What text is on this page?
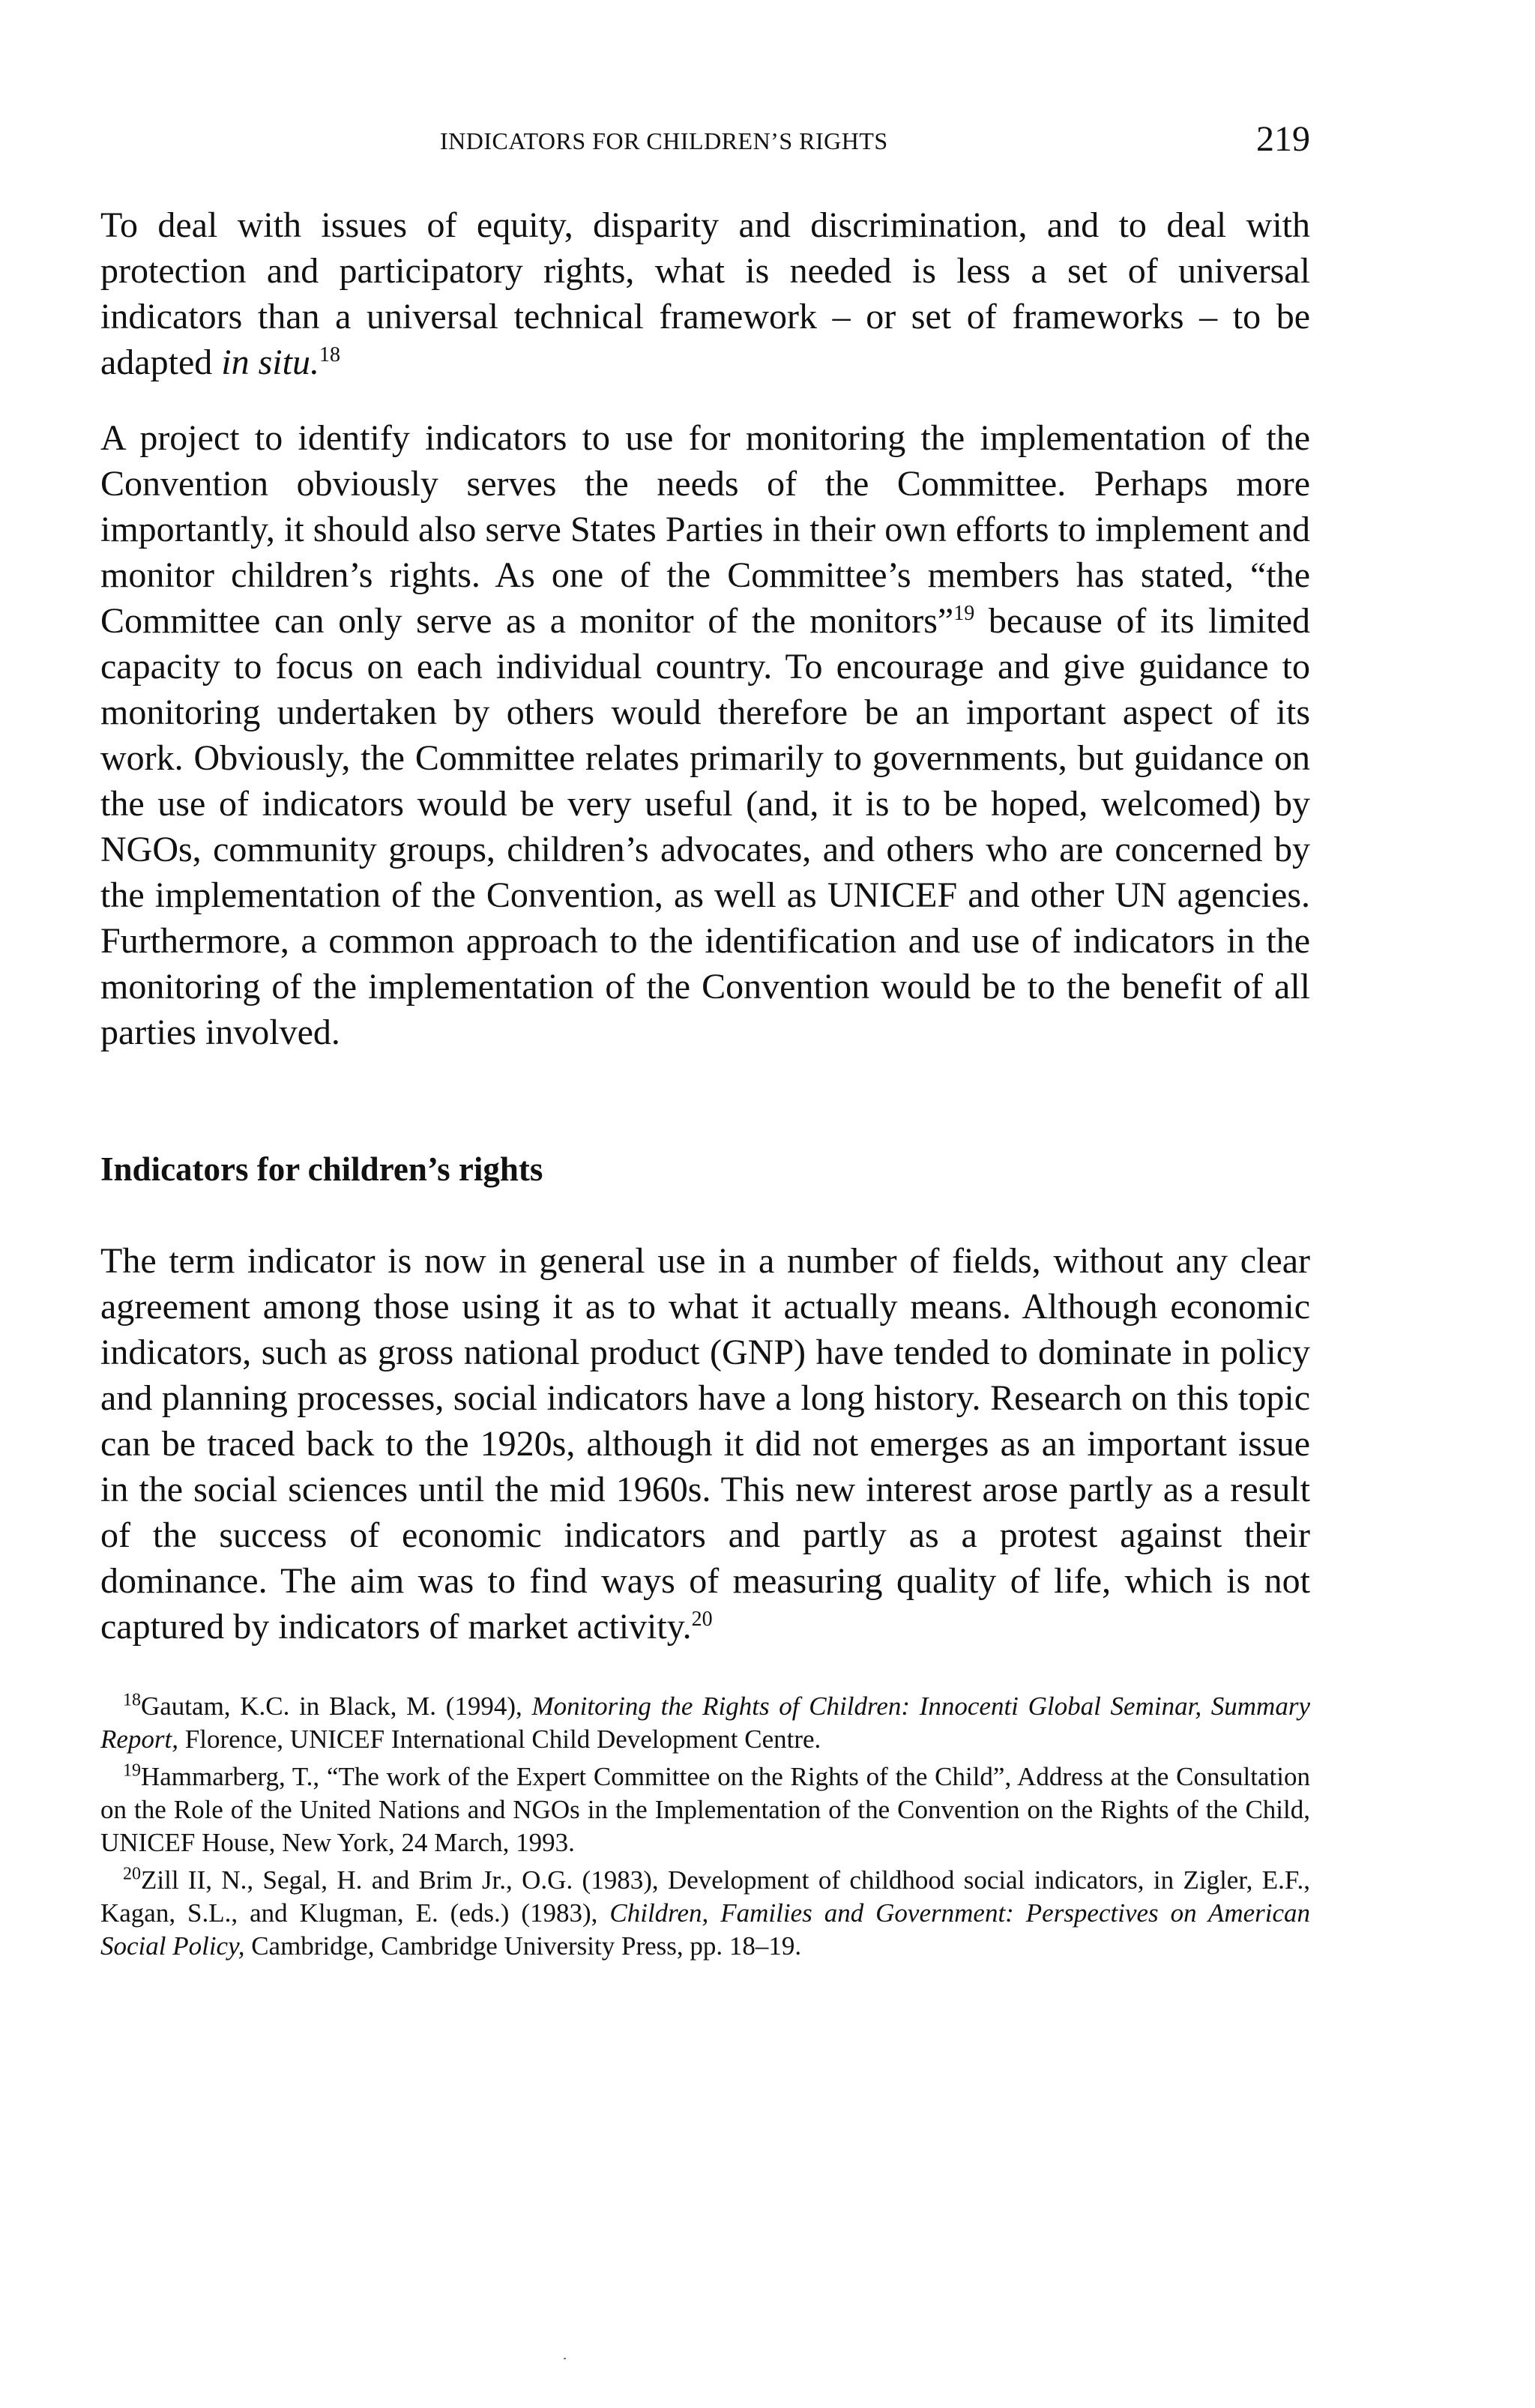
INDICATORS FOR CHILDREN’S RIGHTS	219

To deal with issues of equity, disparity and discrimination, and to deal with protection and participatory rights, what is needed is less a set of universal indicators than a universal technical framework – or set of frameworks – to be adapted in situ.$^{18}$

A project to identify indicators to use for monitoring the implementation of the Convention obviously serves the needs of the Committee. Perhaps more importantly, it should also serve States Parties in their own efforts to implement and monitor children’s rights. As one of the Committee’s members has stated, “the Committee can only serve as a monitor of the monitors”$^{19}$ because of its limited capacity to focus on each individual country. To encourage and give guidance to monitoring undertaken by others would therefore be an important aspect of its work. Obviously, the Committee relates primarily to governments, but guidance on the use of indicators would be very useful (and, it is to be hoped, welcomed) by NGOs, community groups, children’s advocates, and others who are concerned by the implementation of the Convention, as well as UNICEF and other UN agencies. Furthermore, a common approach to the identification and use of indicators in the monitoring of the implementation of the Convention would be to the benefit of all parties involved.

Indicators for children’s rights

The term indicator is now in general use in a number of fields, without any clear agreement among those using it as to what it actually means. Although economic indicators, such as gross national product (GNP) have tended to dominate in policy and planning processes, social indicators have a long history. Research on this topic can be traced back to the 1920s, although it did not emerges as an important issue in the social sciences until the mid 1960s. This new interest arose partly as a result of the success of economic indicators and partly as a protest against their dominance. The aim was to find ways of measuring quality of life, which is not captured by indicators of market activity.$^{20}$

$^{18}$Gautam, K.C. in Black, M. (1994), Monitoring the Rights of Children: Innocenti Global Seminar, Summary Report, Florence, UNICEF International Child Development Centre.

$^{19}$Hammarberg, T., “The work of the Expert Committee on the Rights of the Child”, Address at the Consultation on the Role of the United Nations and NGOs in the Implementation of the Convention on the Rights of the Child, UNICEF House, New York, 24 March, 1993.

$^{20}$Zill II, N., Segal, H. and Brim Jr., O.G. (1983), Development of childhood social indicators, in Zigler, E.F., Kagan, S.L., and Klugman, E. (eds.) (1983), Children, Families and Government: Perspectives on American Social Policy, Cambridge, Cambridge University Press, pp. 18–19.
